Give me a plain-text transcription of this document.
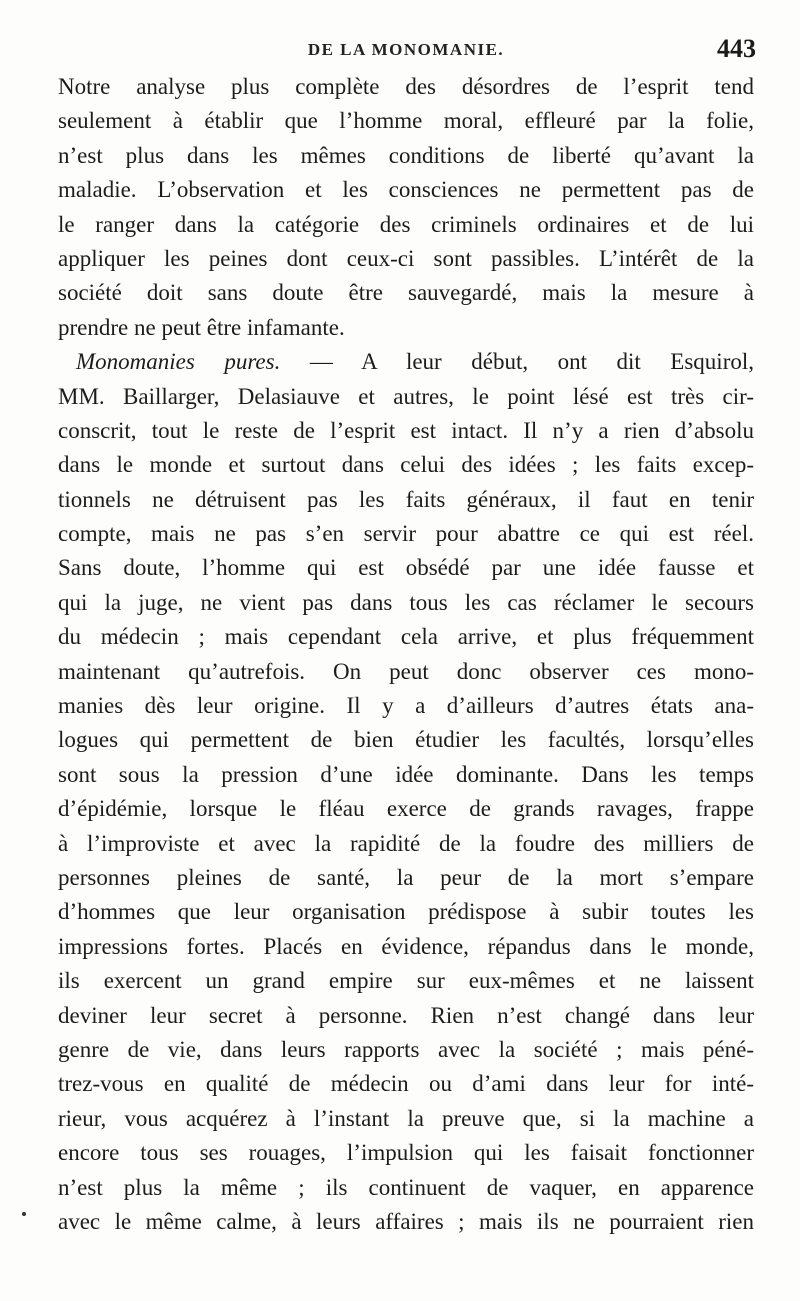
DE LA MONOMANIE.	443
Notre analyse plus complète des désordres de l’esprit tend
seulement à établir que l’homme moral, effleuré par la folie,
n’est plus dans les mêmes conditions de liberté qu’avant la
maladie. L’observation et les consciences ne permettent pas de
le ranger dans la catégorie des criminels ordinaires et de lui
appliquer les peines dont ceux-ci sont passibles. L’intérêt de la
société doit sans doute être sauvegardé, mais la mesure à
prendre ne peut être infamante.
Monomanies pures. — A leur début, ont dit Esquirol,
MM. Baillarger, Delasiauve et autres, le point lésé est très cir-
conscrit, tout le reste de l’esprit est intact. Il n’y a rien d’absolu
dans le monde et surtout dans celui des idées ; les faits excep-
tionnels ne détruisent pas les faits généraux, il faut en tenir
compte, mais ne pas s’en servir pour abattre ce qui est réel.
Sans doute, l’homme qui est obsédé par une idée fausse et
qui la juge, ne vient pas dans tous les cas réclamer le secours
du médecin ; mais cependant cela arrive, et plus fréquemment
maintenant qu’autrefois. On peut donc observer ces mono-
manies dès leur origine. Il y a d’ailleurs d’autres états ana-
logues qui permettent de bien étudier les facultés, lorsqu’elles
sont sous la pression d’une idée dominante. Dans les temps
d’épidémie, lorsque le fléau exerce de grands ravages, frappe
à l’improviste et avec la rapidité de la foudre des milliers de
personnes pleines de santé, la peur de la mort s’empare
d’hommes que leur organisation prédispose à subir toutes les
impressions fortes. Placés en évidence, répandus dans le monde,
ils exercent un grand empire sur eux-mêmes et ne laissent
deviner leur secret à personne. Rien n’est changé dans leur
genre de vie, dans leurs rapports avec la société ; mais péné-
trez-vous en qualité de médecin ou d’ami dans leur for inté-
rieur, vous acquérez à l’instant la preuve que, si la machine a
encore tous ses rouages, l’impulsion qui les faisait fonctionner
n’est plus la même ; ils continuent de vaquer, en apparence
avec le même calme, à leurs affaires ; mais ils ne pourraient rien
